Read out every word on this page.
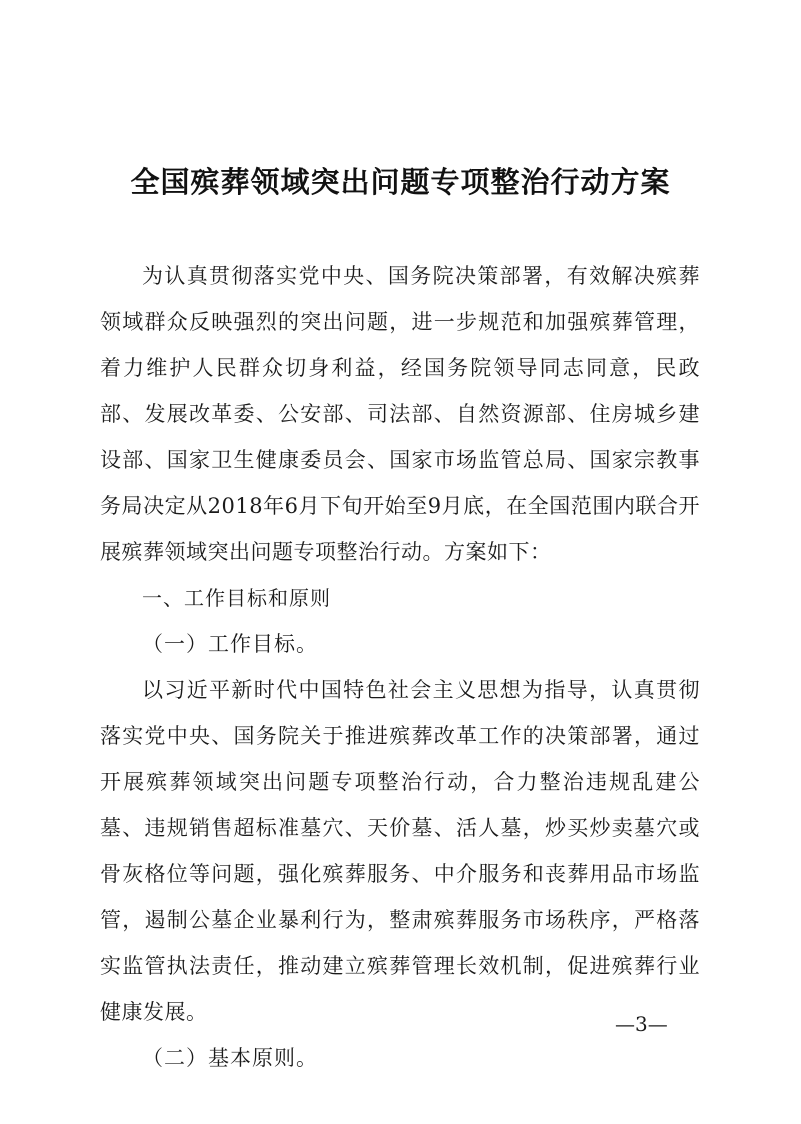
全国殡葬领域突出问题专项整治行动方案

为认真贯彻落实党中央、国务院决策部署，有效解决殡葬领域群众反映强烈的突出问题，进一步规范和加强殡葬管理，着力维护人民群众切身利益，经国务院领导同志同意，民政部、发展改革委、公安部、司法部、自然资源部、住房城乡建设部、国家卫生健康委员会、国家市场监管总局、国家宗教事务局决定从2018年6月下旬开始至9月底，在全国范围内联合开展殡葬领域突出问题专项整治行动。方案如下：

一、工作目标和原则

（一）工作目标。

以习近平新时代中国特色社会主义思想为指导，认真贯彻落实党中央、国务院关于推进殡葬改革工作的决策部署，通过开展殡葬领域突出问题专项整治行动，合力整治违规乱建公墓、违规销售超标准墓穴、天价墓、活人墓，炒买炒卖墓穴或骨灰格位等问题，强化殡葬服务、中介服务和丧葬用品市场监管，遏制公墓企业暴利行为，整肃殡葬服务市场秩序，严格落实监管执法责任，推动建立殡葬管理长效机制，促进殡葬行业健康发展。

（二）基本原则。

—3—
